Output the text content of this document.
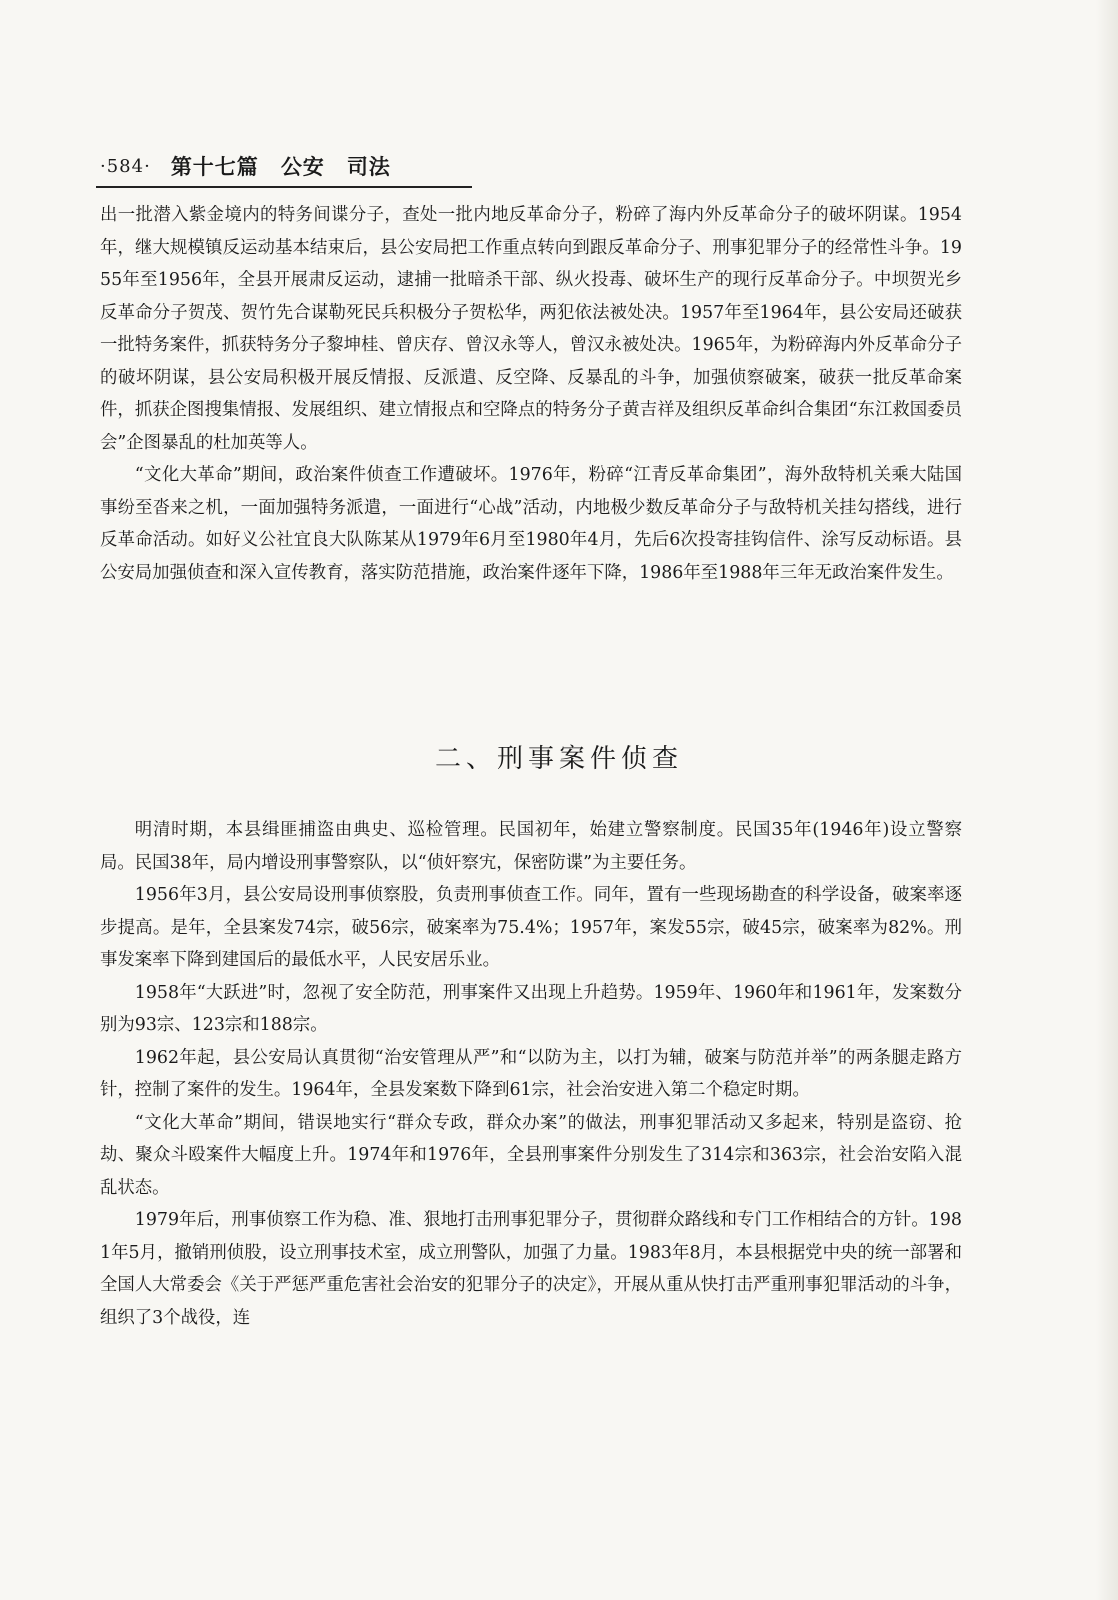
·584· 第十七篇 公安 司法

出一批潜入紫金境内的特务间谍分子，查处一批内地反革命分子，粉碎了海内外反革命分子的破坏阴谋。1954年，继大规模镇反运动基本结束后，县公安局把工作重点转向到跟反革命分子、刑事犯罪分子的经常性斗争。1955年至1956年，全县开展肃反运动，逮捕一批暗杀干部、纵火投毒、破坏生产的现行反革命分子。中坝贺光乡反革命分子贺茂、贺竹先合谋勒死民兵积极分子贺松华，两犯依法被处决。1957年至1964年，县公安局还破获一批特务案件，抓获特务分子黎坤桂、曾庆存、曾汉永等人，曾汉永被处决。1965年，为粉碎海内外反革命分子的破坏阴谋，县公安局积极开展反情报、反派遣、反空降、反暴乱的斗争，加强侦察破案，破获一批反革命案件，抓获企图搜集情报、发展组织、建立情报点和空降点的特务分子黄吉祥及组织反革命纠合集团“东江救国委员会”企图暴乱的杜加英等人。

“文化大革命”期间，政治案件侦查工作遭破坏。1976年，粉碎“江青反革命集团”，海外敌特机关乘大陆国事纷至沓来之机，一面加强特务派遣，一面进行“心战”活动，内地极少数反革命分子与敌特机关挂勾搭线，进行反革命活动。如好义公社宜良大队陈某从1979年6月至1980年4月，先后6次投寄挂钩信件、涂写反动标语。县公安局加强侦查和深入宣传教育，落实防范措施，政治案件逐年下降，1986年至1988年三年无政治案件发生。

二、刑事案件侦查

明清时期，本县缉匪捕盗由典史、巡检管理。民国初年，始建立警察制度。民国35年(1946年)设立警察局。民国38年，局内增设刑事警察队，以“侦奸察宄，保密防谍”为主要任务。

1956年3月，县公安局设刑事侦察股，负责刑事侦查工作。同年，置有一些现场勘查的科学设备，破案率逐步提高。是年，全县案发74宗，破56宗，破案率为75.4%；1957年，案发55宗，破45宗，破案率为82%。刑事发案率下降到建国后的最低水平，人民安居乐业。

1958年“大跃进”时，忽视了安全防范，刑事案件又出现上升趋势。1959年、1960年和1961年，发案数分别为93宗、123宗和188宗。

1962年起，县公安局认真贯彻“治安管理从严”和“以防为主，以打为辅，破案与防范并举”的两条腿走路方针，控制了案件的发生。1964年，全县发案数下降到61宗，社会治安进入第二个稳定时期。

“文化大革命”期间，错误地实行“群众专政，群众办案”的做法，刑事犯罪活动又多起来，特别是盗窃、抢劫、聚众斗殴案件大幅度上升。1974年和1976年，全县刑事案件分别发生了314宗和363宗，社会治安陷入混乱状态。

1979年后，刑事侦察工作为稳、准、狠地打击刑事犯罪分子，贯彻群众路线和专门工作相结合的方针。1981年5月，撤销刑侦股，设立刑事技术室，成立刑警队，加强了力量。1983年8月，本县根据党中央的统一部署和全国人大常委会《关于严惩严重危害社会治安的犯罪分子的决定》，开展从重从快打击严重刑事犯罪活动的斗争，组织了3个战役，连
